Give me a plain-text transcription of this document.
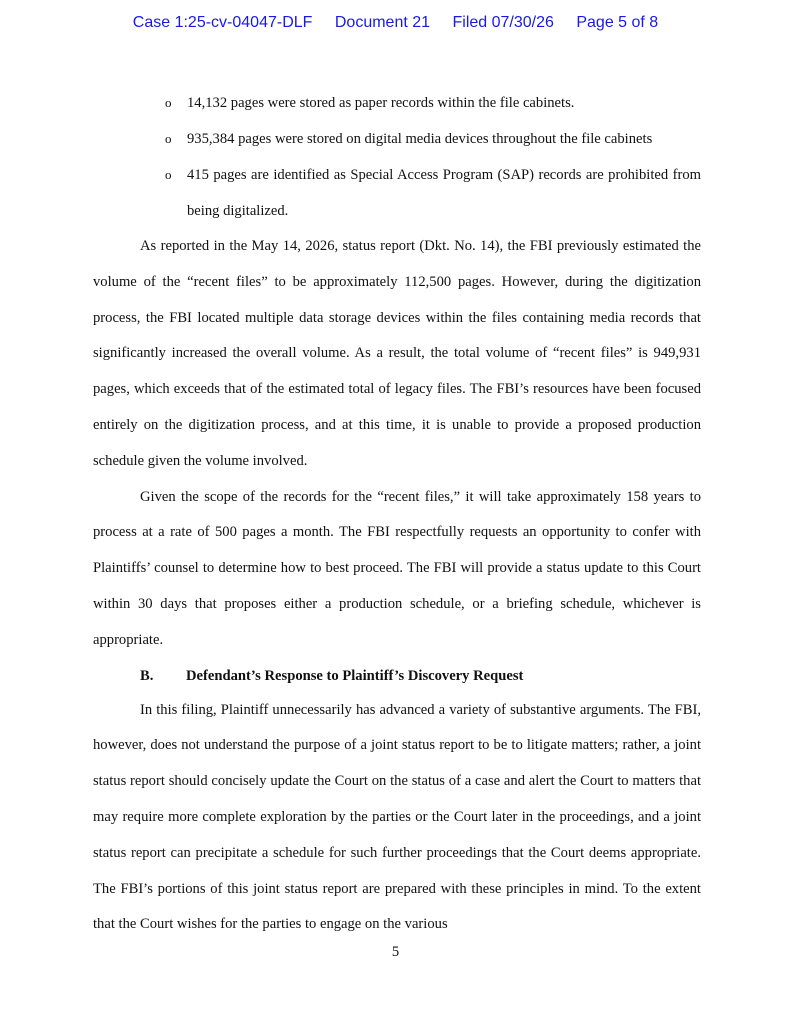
Case 1:25-cv-04047-DLF Document 21 Filed 07/30/26 Page 5 of 8
o 14,132 pages were stored as paper records within the file cabinets.
o 935,384 pages were stored on digital media devices throughout the file cabinets
o 415 pages are identified as Special Access Program (SAP) records are prohibited from being digitalized.

As reported in the May 14, 2026, status report (Dkt. No. 14), the FBI previously estimated the volume of the “recent files” to be approximately 112,500 pages. However, during the digitization process, the FBI located multiple data storage devices within the files containing media records that significantly increased the overall volume. As a result, the total volume of “recent files” is 949,931 pages, which exceeds that of the estimated total of legacy files. The FBI’s resources have been focused entirely on the digitization process, and at this time, it is unable to provide a proposed production schedule given the volume involved.

Given the scope of the records for the “recent files,” it will take approximately 158 years to process at a rate of 500 pages a month. The FBI respectfully requests an opportunity to confer with Plaintiffs’ counsel to determine how to best proceed. The FBI will provide a status update to this Court within 30 days that proposes either a production schedule, or a briefing schedule, whichever is appropriate.

B. Defendant’s Response to Plaintiff’s Discovery Request

In this filing, Plaintiff unnecessarily has advanced a variety of substantive arguments. The FBI, however, does not understand the purpose of a joint status report to be to litigate matters; rather, a joint status report should concisely update the Court on the status of a case and alert the Court to matters that may require more complete exploration by the parties or the Court later in the proceedings, and a joint status report can precipitate a schedule for such further proceedings that the Court deems appropriate. The FBI’s portions of this joint status report are prepared with these principles in mind. To the extent that the Court wishes for the parties to engage on the various

5
